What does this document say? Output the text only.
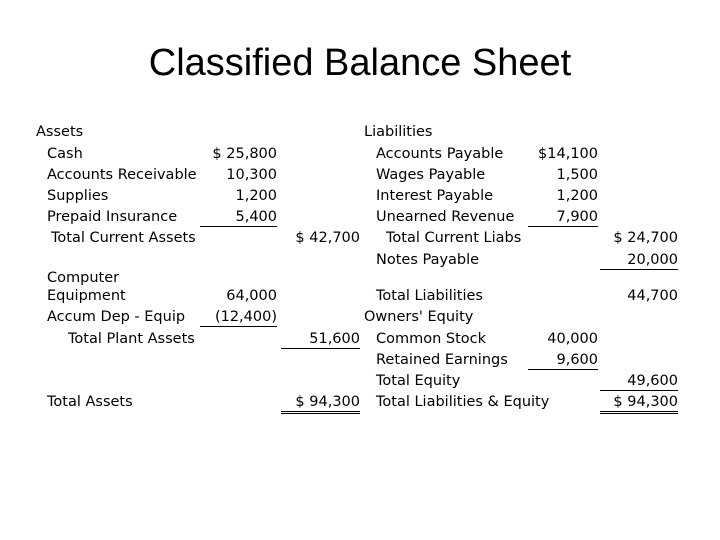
Classified Balance Sheet
Assets
Cash	$ 25,800
Accounts Receivable	10,300
Supplies	1,200
Prepaid Insurance	5,400
Total Current Assets	$ 42,700
Computer
Equipment	64,000
Accum Dep - Equip	(12,400)
Total Plant Assets	51,600
Total Assets	$ 94,300
Liabilities
Accounts Payable	$14,100
Wages Payable	1,500
Interest Payable	1,200
Unearned Revenue	7,900
Total Current Liabs	$ 24,700
Notes Payable	20,000
Total Liabilities	44,700
Owners' Equity
Common Stock	40,000
Retained Earnings	9,600
Total Equity	49,600
Total Liabilities & Equity	$ 94,300
